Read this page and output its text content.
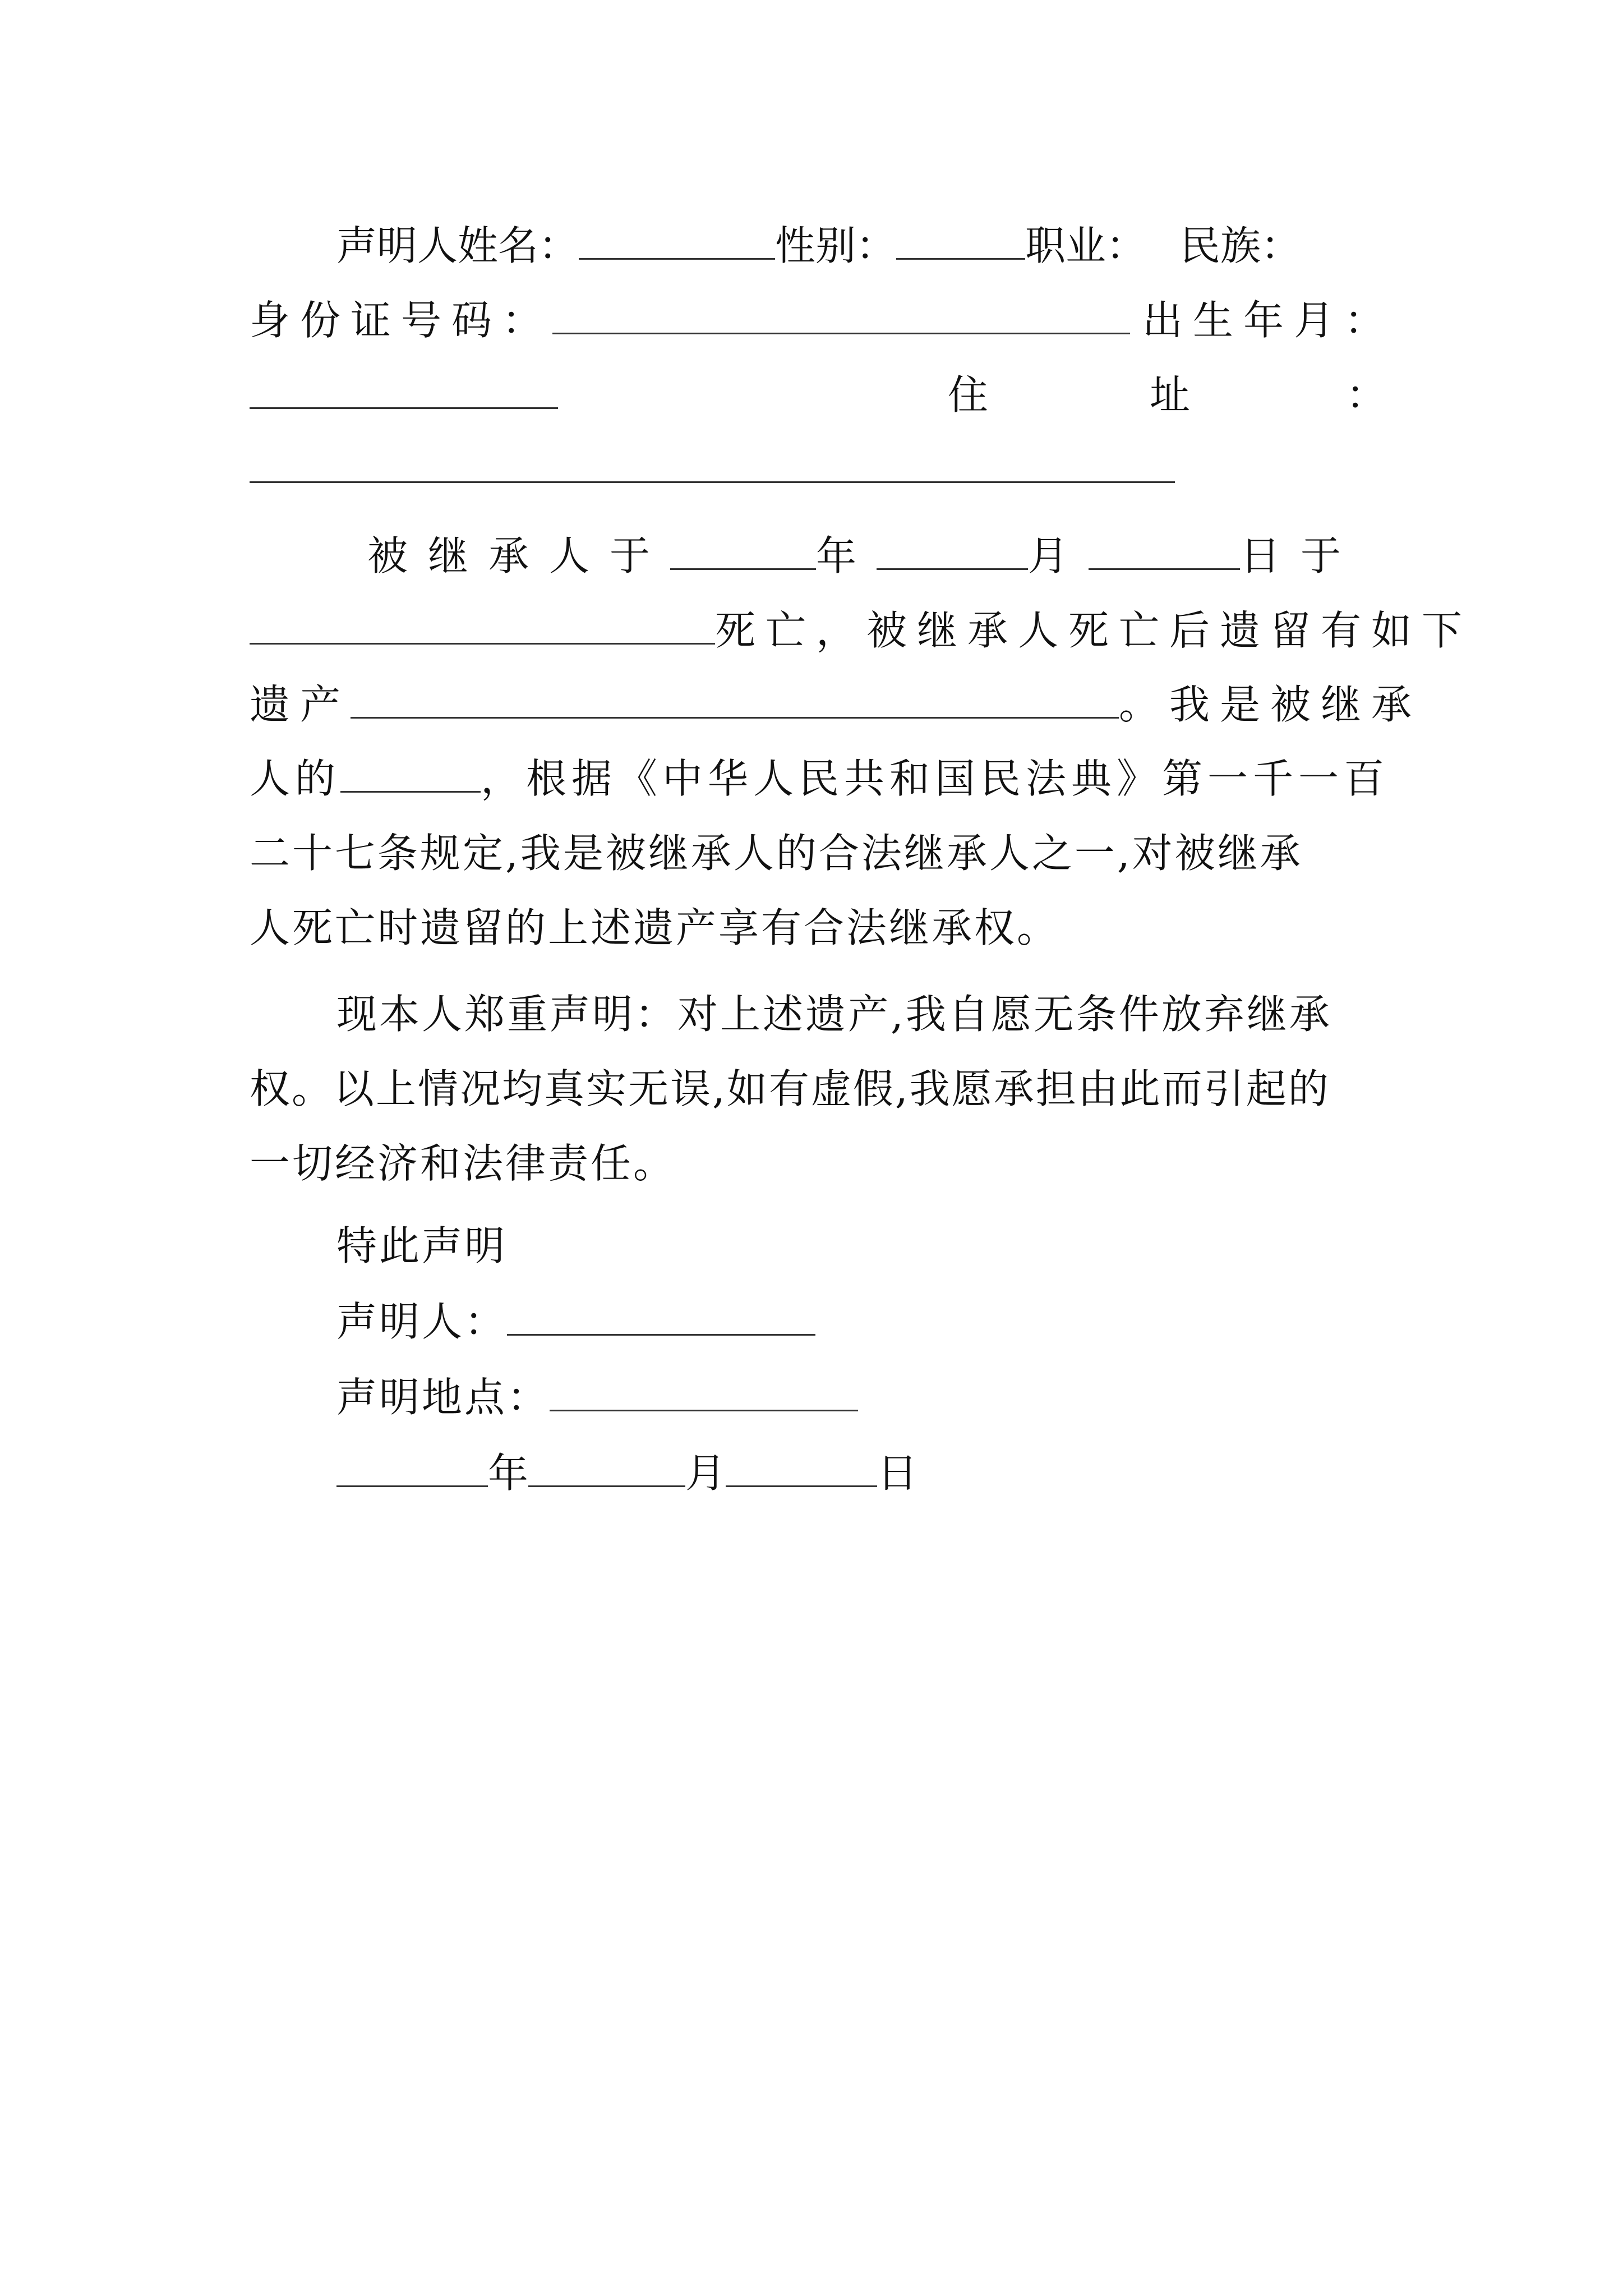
声明人姓名：	性别：	职业： 民族：
身份证号码：	出生年月：
住	址	：
被继承人于	年	月	日于
死亡，被继承人死亡后遗留有如下
遗产	。我是被继承
人的	，根据《中华人民共和国民法典》第一千一百
二十七条规定,我是被继承人的合法继承人之一,对被继承
人死亡时遗留的上述遗产享有合法继承权。
现本人郑重声明：对上述遗产,我自愿无条件放弃继承
权。以上情况均真实无误,如有虚假,我愿承担由此而引起的
一切经济和法律责任。
特此声明
声明人：
声明地点：
年	月	日
